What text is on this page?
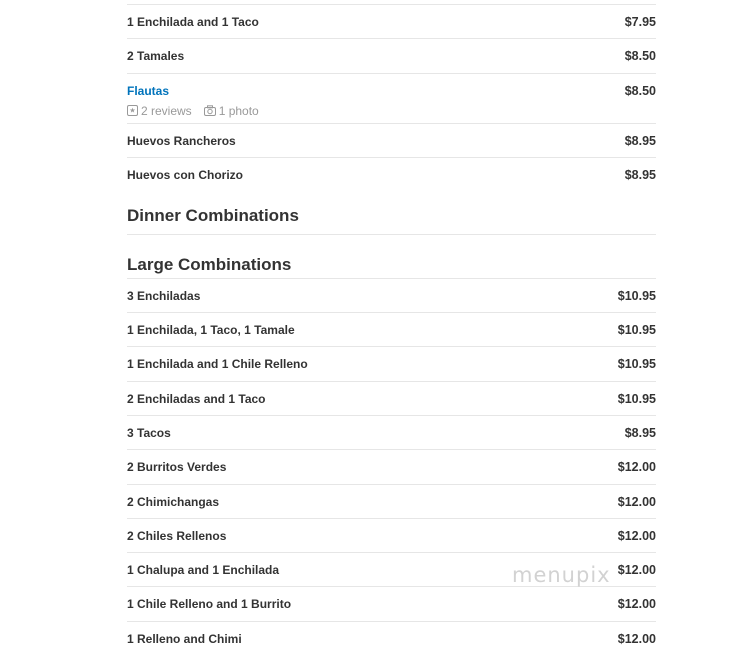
1 Enchilada and 1 Taco	$7.95
2 Tamales	$8.50
Flautas	$8.50
2 reviews 1 photo
Huevos Rancheros	$8.95
Huevos con Chorizo	$8.95
Dinner Combinations
Large Combinations
3 Enchiladas	$10.95
1 Enchilada, 1 Taco, 1 Tamale	$10.95
1 Enchilada and 1 Chile Relleno	$10.95
2 Enchiladas and 1 Taco	$10.95
3 Tacos	$8.95
2 Burritos Verdes	$12.00
2 Chimichangas	$12.00
2 Chiles Rellenos	$12.00
1 Chalupa and 1 Enchilada	$12.00
1 Chile Relleno and 1 Burrito	$12.00
1 Relleno and Chimi	$12.00
menupix
